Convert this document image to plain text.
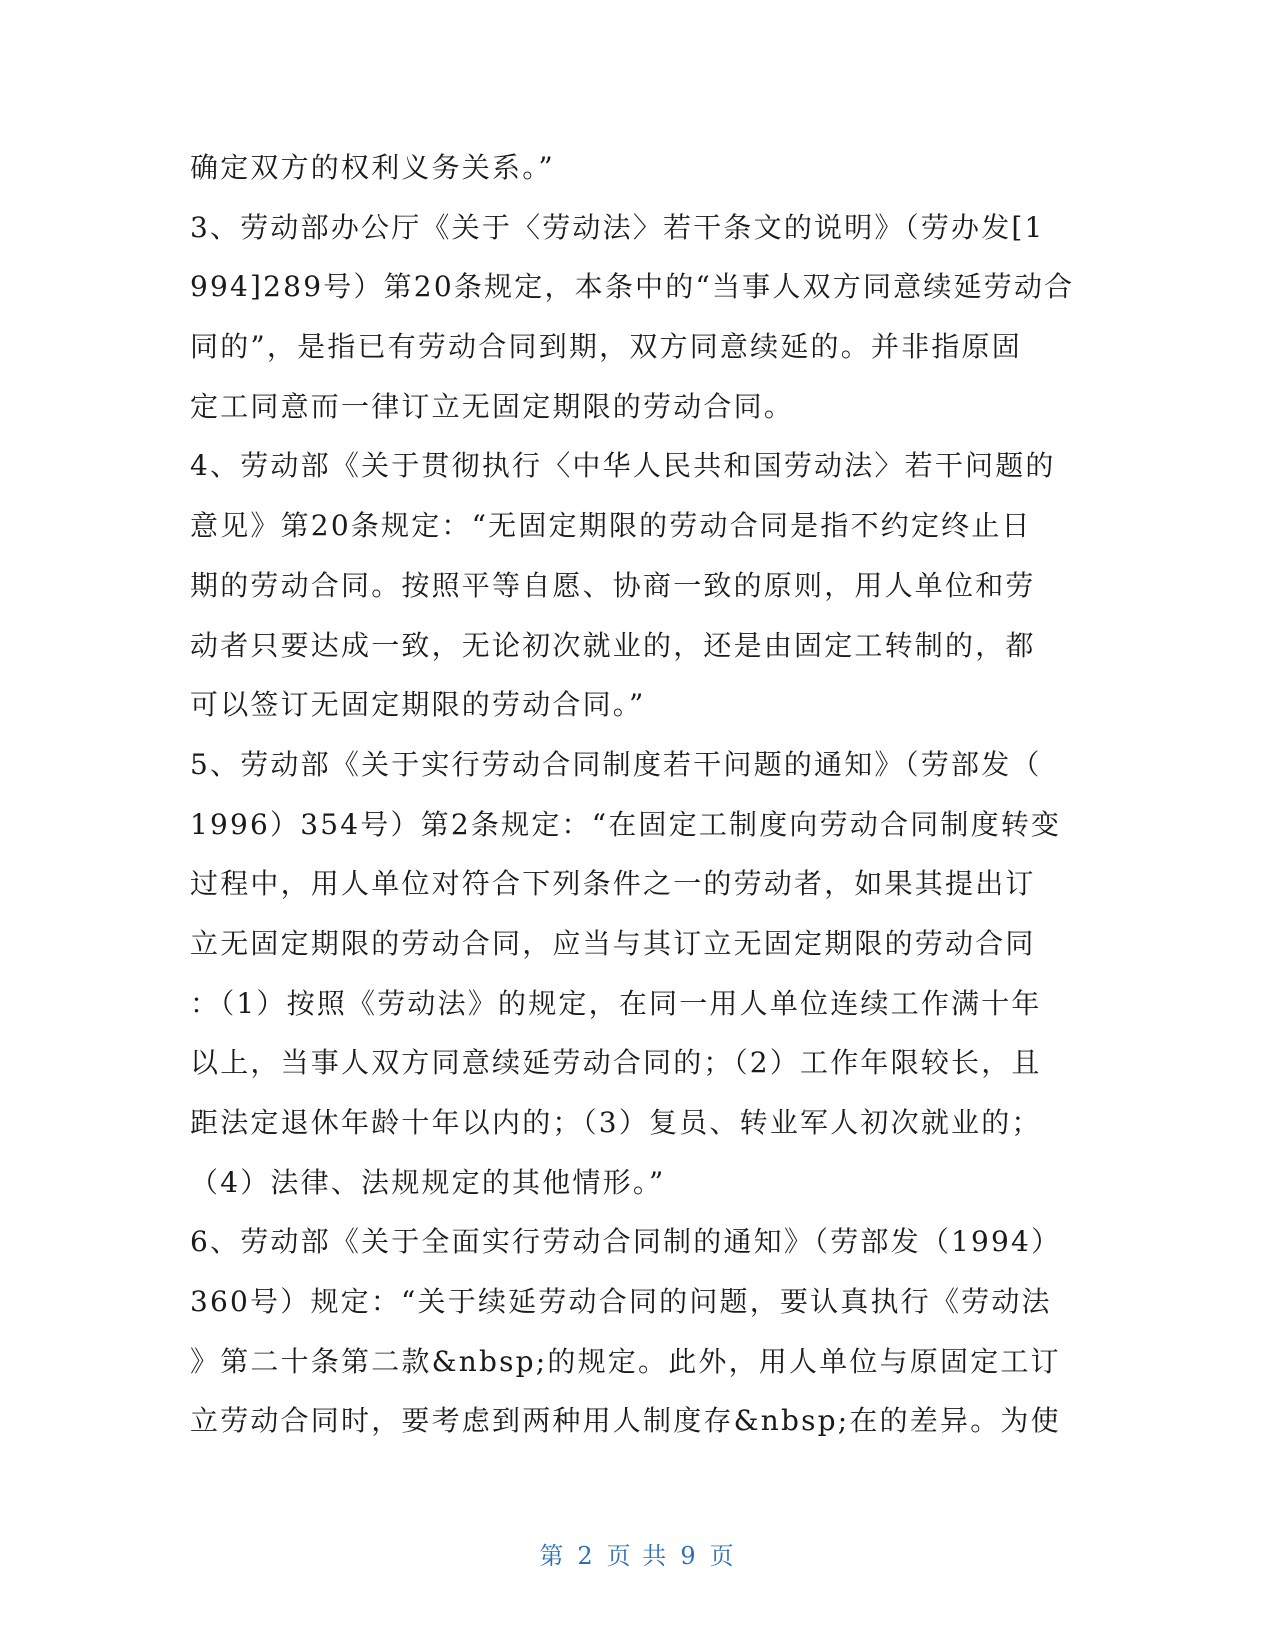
确定双方的权利义务关系。”
3、劳动部办公厅《关于〈劳动法〉若干条文的说明》（劳办发[1
994]289号）第20条规定，本条中的“当事人双方同意续延劳动合
同的”，是指已有劳动合同到期，双方同意续延的。并非指原固
定工同意而一律订立无固定期限的劳动合同。
4、劳动部《关于贯彻执行〈中华人民共和国劳动法〉若干问题的
意见》第20条规定：“无固定期限的劳动合同是指不约定终止日
期的劳动合同。按照平等自愿、协商一致的原则，用人单位和劳
动者只要达成一致，无论初次就业的，还是由固定工转制的，都
可以签订无固定期限的劳动合同。”
5、劳动部《关于实行劳动合同制度若干问题的通知》（劳部发（
1996）354号）第2条规定：“在固定工制度向劳动合同制度转变
过程中，用人单位对符合下列条件之一的劳动者，如果其提出订
立无固定期限的劳动合同，应当与其订立无固定期限的劳动合同
：（1）按照《劳动法》的规定，在同一用人单位连续工作满十年
以上，当事人双方同意续延劳动合同的；（2）工作年限较长，且
距法定退休年龄十年以内的；（3）复员、转业军人初次就业的；
（4）法律、法规规定的其他情形。”
6、劳动部《关于全面实行劳动合同制的通知》（劳部发（1994）
360号）规定：“关于续延劳动合同的问题，要认真执行《劳动法
》第二十条第二款&nbsp;的规定。此外，用人单位与原固定工订
立劳动合同时，要考虑到两种用人制度存&nbsp;在的差异。为使
第 2 页 共 9 页
